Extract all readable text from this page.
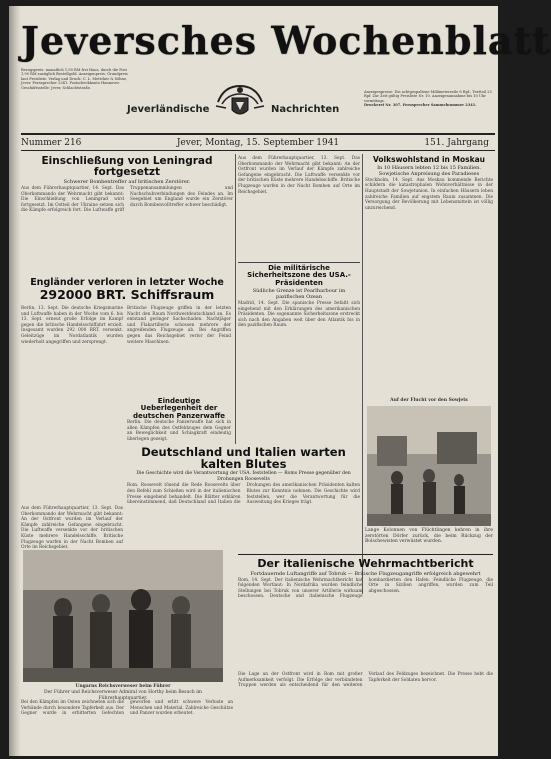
Jeversches Wochenblatt
Bezugspreis: monatlich 1,90 RM frei Haus, durch die Post 1,90 RM zuzüglich Bestellgeld. Anzeigenpreis: Grundpreis laut Preisliste. Verlag und Druck: C. L. Mettcker & Söhne, Jever. Fernsprecher 2341. Postscheckkonto Hannover. Geschäftsstelle: Jever, Schlachtstraße.
Jeverländische	Nachrichten
Anzeigenpreise: Die achtgespaltene Millimeterzeile 8 Rpf., Textteil 25 Rpf. Zur Zeit gültig Preisliste Nr. 10. Anzeigenannahme bis 10 Uhr vormittags.
Druckerei Nr. 307. Fernsprecher Sammelnummer 2341.
Nummer 216	Jever, Montag, 15. September 1941	151. Jahrgang

Einschließung von Leningrad fortgesetzt

Schwerer Bombentreffer auf britischen Zerstörer.

Aus dem Führerhauptquartier, 14. Sept. Das Oberkommando der Wehrmacht gibt bekannt: Die Einschließung von Leningrad wird fortgesetzt. Im Ostteil der Ukraine setzen sich die Kämpfe erfolgreich fort. Die Luftwaffe griff Truppenansammlungen und Nachschubverbindungen des Feindes an. Im Seegebiet um England wurde ein Zerstörer durch Bombenvolltreffer schwer beschädigt.

Engländer verloren in letzter Woche

292000 BRT. Schiffsraum

Berlin, 13. Sept. Die deutsche Kriegsmarine und Luftwaffe haben in der Woche vom 6. bis 13. Sept. erneut große Erfolge im Kampf gegen die britische Handelsschiffahrt erzielt. Insgesamt wurden 292 000 BRT. versenkt. Geleitzüge im Nordatlantik wurden wiederholt angegriffen und zersprengt.

Britische Flugzeuge griffen in der letzten Nacht den Raum Nordwestdeutschland an. Es entstand geringer Sachschaden. Nachtjäger und Flakartillerie schossen mehrere der angreifenden Flugzeuge ab. Bei Angriffen gegen das Reichsgebiet verlor der Feind weitere Maschinen.

Eindeutige Ueberlegenheit der deutschen Panzerwaffe

Berlin. Die deutsche Panzerwaffe hat sich in allen Kämpfen des Ostfeldzuges dem Gegner an Beweglichkeit und Schlagkraft eindeutig überlegen gezeigt.

Deutschland und Italien warten kalten Blutes

Die Geschichte wird die Verantwortung der USA. feststellen — Roms Presse gegenüber den Drohungen Roosevelts

Rom. Roosevelt tönend die Rede Roosevelts über den Befehl zum Schießen wird in der italienischen Presse eingehend behandelt. Die Blätter erklären übereinstimmend, daß Deutschland und Italien die Drohungen des amerikanischen Präsidenten kalten Blutes zur Kenntnis nehmen. Die Geschichte wird feststellen, wer die Verantwortung für die Ausweitung des Krieges trägt.

Aus dem Führerhauptquartier, 13. Sept. Das Oberkommando der Wehrmacht gibt bekannt: An der Ostfront wurden im Verlauf der Kämpfe zahlreiche Gefangene eingebracht. Die Luftwaffe versenkte vor der britischen Küste mehrere Handelsschiffe. Britische Flugzeuge warfen in der Nacht Bomben auf Orte im Reichsgebiet.

Ungarns Reichsverweser beim Führer
Der Führer und Reichsverweser Admiral von Horthy beim Besuch im Führerhauptquartier.

Bei den Kämpfen im Osten zeichneten sich die Verbände durch besondere Tapferkeit aus. Der Gegner wurde in erbitterten Gefechten geworfen und erlitt schwere Verluste an Menschen und Material. Zahlreiche Geschütze und Panzer wurden erbeutet.

Aus dem Führerhauptquartier, 13. Sept. Das Oberkommando der Wehrmacht gibt bekannt: An der Ostfront wurden im Verlauf der Kämpfe zahlreiche Gefangene eingebracht. Die Luftwaffe versenkte vor der britischen Küste mehrere Handelsschiffe. Britische Flugzeuge warfen in der Nacht Bomben auf Orte im Reichsgebiet.

Die militärische Sicherheitszone des USA.-Präsidenten

Südliche Grenze ist Pearlharbour im pazifischen Ozean

Madrid, 14. Sept. Die spanische Presse befaßt sich eingehend mit den Erklärungen des amerikanischen Präsidenten. Die sogenannte Sicherheitszone erstreckt sich nach den Angaben weit über den Atlantik bis in den pazifischen Raum.

Volkswohlstand in Moskau

In 10 Häusern lebten 12 bis 15 Familien. Sowjetische Anpreisung des Paradieses

Stockholm, 14. Sept. Aus Moskau kommende Berichte schildern die katastrophalen Wohnverhältnisse in der Hauptstadt der Sowjetunion. In einfachen Häusern leben zahlreiche Familien auf engstem Raum zusammen. Die Versorgung der Bevölkerung mit Lebensmitteln ist völlig unzureichend.

Auf der Flucht vor den Sowjets
Lange Kolonnen von Flüchtlingen kehren in ihre zerstörten Dörfer zurück, die beim Rückzug der Bolschewisten verwüstet wurden.

Der italienische Wehrmachtbericht

Fortdauernde Luftangriffe auf Tobruk — Britische Flugzeugangriffe erfolgreich abgewehrt

Rom, 14. Sept. Der italienische Wehrmachtbericht hat folgenden Wortlaut: In Nordafrika wurden feindliche Stellungen bei Tobruk von unserer Artillerie wirksam beschossen. Deutsche und italienische Flugzeuge bombardierten den Hafen. Feindliche Flugzeuge, die Orte in Sizilien angriffen, wurden zum Teil abgeschossen.

Die Lage an der Ostfront wird in Rom mit großer Aufmerksamkeit verfolgt. Die Erfolge der verbündeten Truppen werden als entscheidend für den weiteren Verlauf des Feldzuges bezeichnet. Die Presse hebt die Tapferkeit der Soldaten hervor.
